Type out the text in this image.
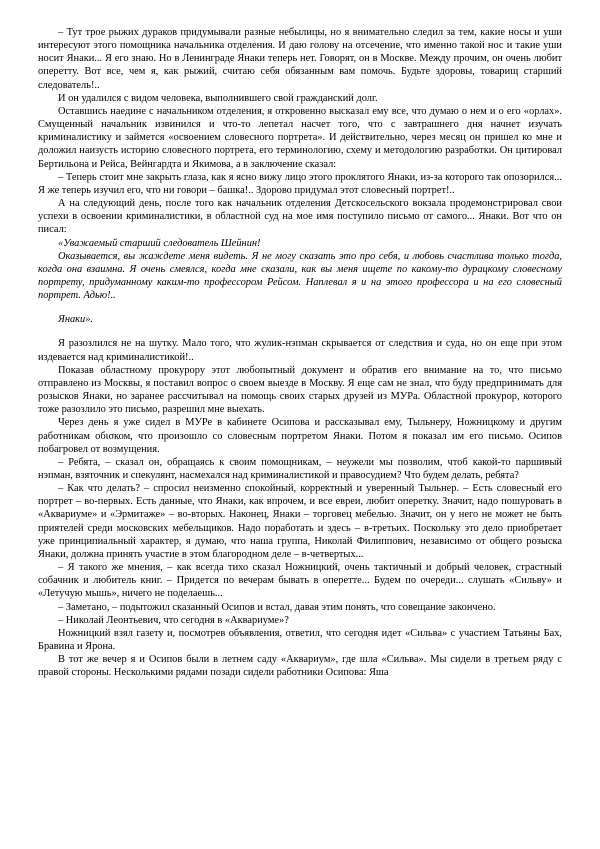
– Тут трое рыжих дураков придумывали разные небылицы, но я внимательно следил за тем, какие носы и уши интересуют этого помощника начальника отделения. И даю голову на отсечение, что именно такой нос и такие уши носит Янаки... Я его знаю. Но в Ленинграде Янаки теперь нет. Говорят, он в Москве. Между прочим, он очень любит оперетту. Вот все, чем я, как рыжий, считаю себя обязанным вам помочь. Будьте здоровы, товарищ старший следователь!..

И он удалился с видом человека, выполнившего свой гражданский долг.

Оставшись наедине с начальником отделения, я откровенно высказал ему все, что думаю о нем и о его «орлах». Смущенный начальник извинился и что-то лепетал насчет того, что с завтрашнего дня начнет изучать криминалистику и займется «освоением словесного портрета». И действительно, через месяц он пришел ко мне и доложил наизусть историю словесного портрета, его терминологию, схему и методологию разработки. Он цитировал Бертильона и Рейса, Вейнгардта и Якимова, а в заключение сказал:

– Теперь стоит мне закрыть глаза, как я ясно вижу лицо этого проклятого Янаки, из-за которого так опозорился... Я же теперь изучил его, что ни говори – башка!.. Здорово придумал этот словесный портрет!..

А на следующий день, после того как начальник отделения Детскосельского вокзала продемонстрировал свои успехи в освоении криминалистики, в областной суд на мое имя поступило письмо от самого... Янаки. Вот что он писал:

«Уважаемый старший следователь Шейнин!

Оказывается, вы жаждете меня видеть. Я не могу сказать это про себя, и любовь счастлива только тогда, когда она взаимна. Я очень смеялся, когда мне сказали, как вы меня ищете по какому-то дурацкому словесному портрету, придуманному каким-то профессором Рейсом. Наплевал я и на этого профессора и на его словесный портрет. Адью!..

Янаки».

Я разозлился не на шутку. Мало того, что жулик-нэпман скрывается от следствия и суда, но он еще при этом издевается над криминалистикой!..

Показав областному прокурору этот любопытный документ и обратив его внимание на то, что письмо отправлено из Москвы, я поставил вопрос о своем выезде в Москву. Я еще сам не знал, что буду предпринимать для розысков Янаки, но заранее рассчитывал на помощь своих старых друзей из МУРа. Областной прокурор, которого тоже разозлило это письмо, разрешил мне выехать.

Через день я уже сидел в МУРе в кабинете Осипова и рассказывал ему, Тыльнеру, Ножницкому и другим работникам обισком, что произошло со словесным портретом Янаки. Потом я показал им его письмо. Осипов побагровел от возмущения.

– Ребята, – сказал он, обращаясь к своим помощникам, – неужели мы позволим, чтоб какой-то паршивый нэпман, взяточник и спекулянт, насмехался над криминалистикой и правосудием? Что будем делать, ребята?

– Как что делать? – спросил неизменно спокойный, корректный и уверенный Тыльнер. – Есть словесный его портрет – во-первых. Есть данные, что Янаки, как впрочем, и все евреи, любит оперетку. Значит, надо пошуровать в «Аквариуме» и «Эрмитаже» – во-вторых. Наконец, Янаки – торговец мебелью. Значит, он у него не может не быть приятелей среди московских мебельщиков. Надо поработать и здесь – в-третьих. Поскольку это дело приобретает уже принципиальный характер, я думаю, что наша группа, Николай Филиппович, независимо от общего розыска Янаки, должна принять участие в этом благородном деле – в-четвертых...

– Я такого же мнения, – как всегда тихо сказал Ножницкий, очень тактичный и добрый человек, страстный собачник и любитель книг. – Придется по вечерам бывать в оперетте... Будем по очереди... слушать «Сильву» и «Летучую мышь», ничего не поделаешь...

– Заметано, – подытожил сказанный Осипов и встал, давая этим понять, что совещание закончено.

– Николай Леонтьевич, что сегодня в «Аквариуме»?

Ножницкий взял газету и, посмотрев объявления, ответил, что сегодня идет «Сильва» с участием Татьяны Бах, Бравина и Ярона.

В тот же вечер я и Осипов были в летнем саду «Аквариум», где шла «Сильва». Мы сидели в третьем ряду с правой стороны. Несколькими рядами позади сидели работники Осипова: Яша
